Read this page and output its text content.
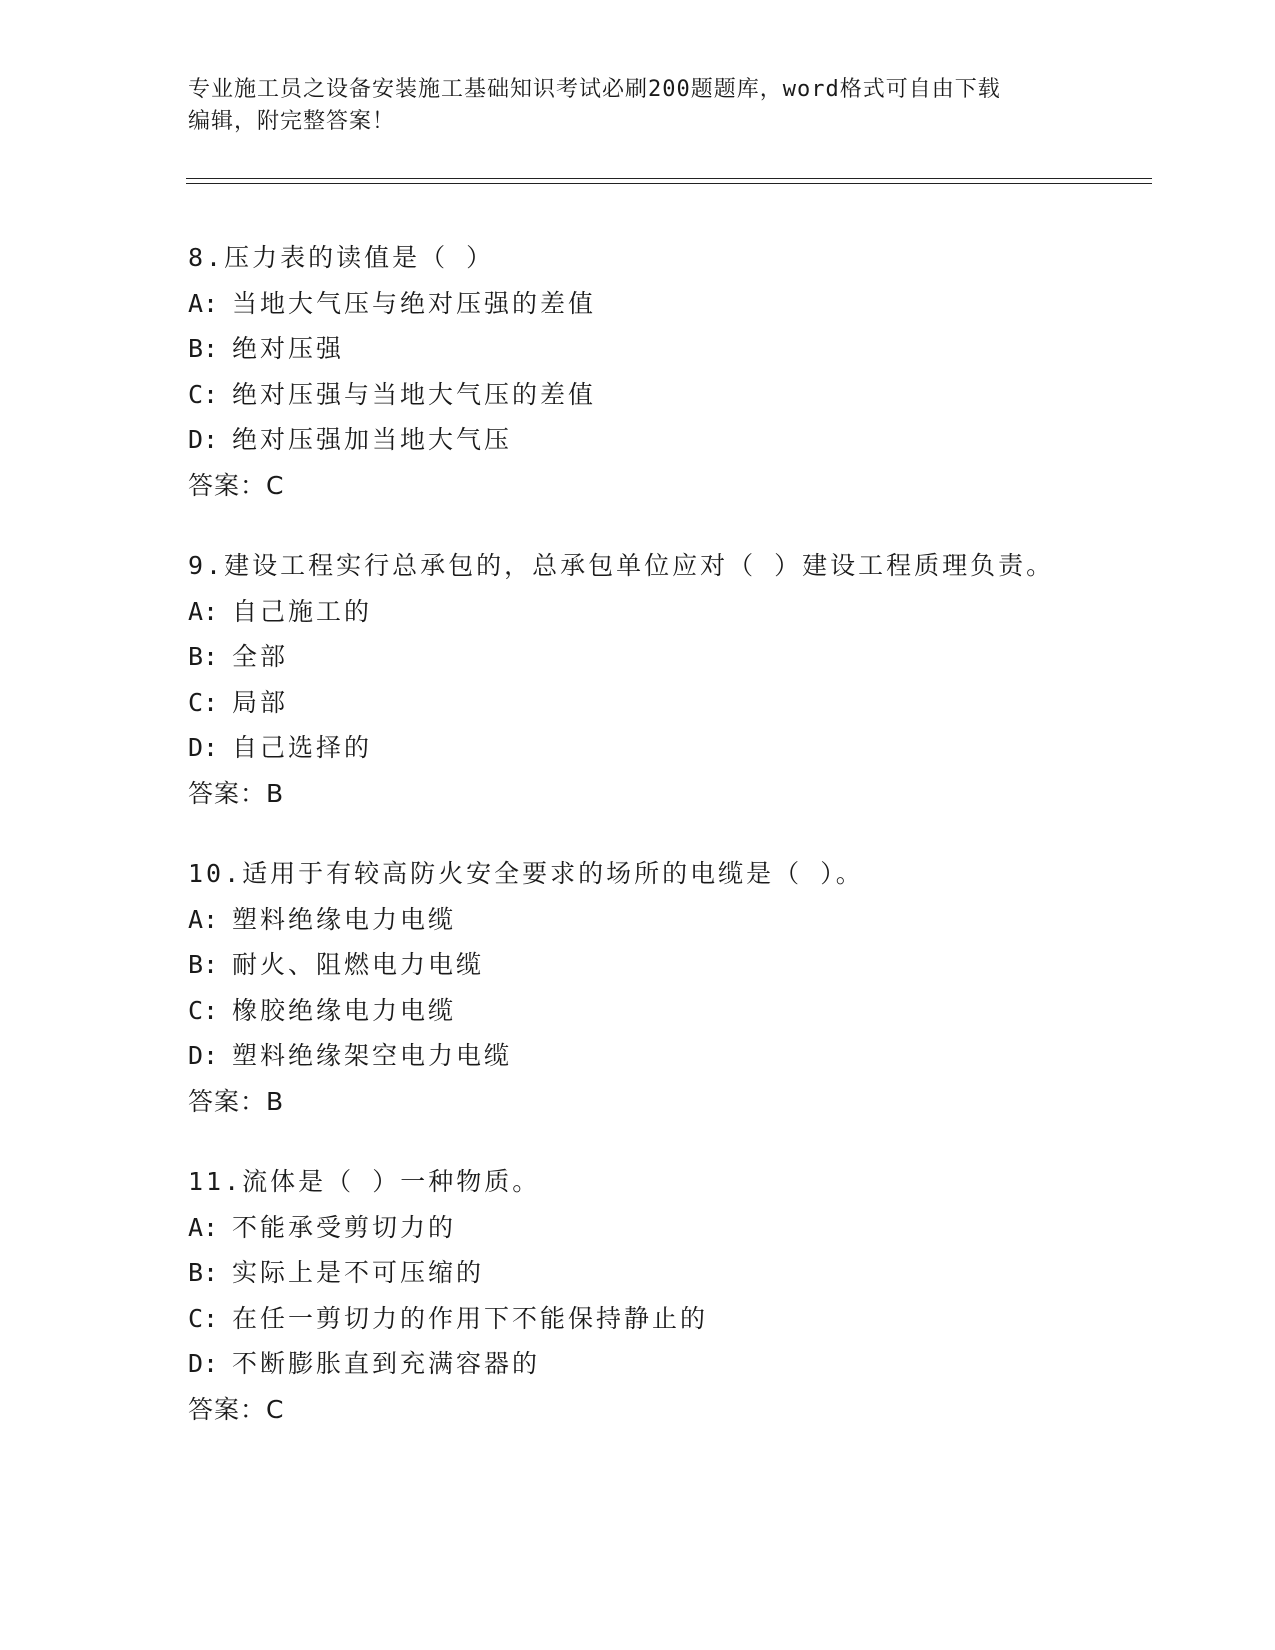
专业施工员之设备安装施工基础知识考试必刷200题题库，word格式可自由下载
编辑，附完整答案！
8.压力表的读值是（ ）
A: 当地大气压与绝对压强的差值
B: 绝对压强
C: 绝对压强与当地大气压的差值
D: 绝对压强加当地大气压
答案：C
9.建设工程实行总承包的，总承包单位应对（ ）建设工程质理负责。
A: 自己施工的
B: 全部
C: 局部
D: 自己选择的
答案：B
10.适用于有较高防火安全要求的场所的电缆是（ ）。
A: 塑料绝缘电力电缆
B: 耐火、阻燃电力电缆
C: 橡胶绝缘电力电缆
D: 塑料绝缘架空电力电缆
答案：B
11.流体是（ ）一种物质。
A: 不能承受剪切力的
B: 实际上是不可压缩的
C: 在任一剪切力的作用下不能保持静止的
D: 不断膨胀直到充满容器的
答案：C
